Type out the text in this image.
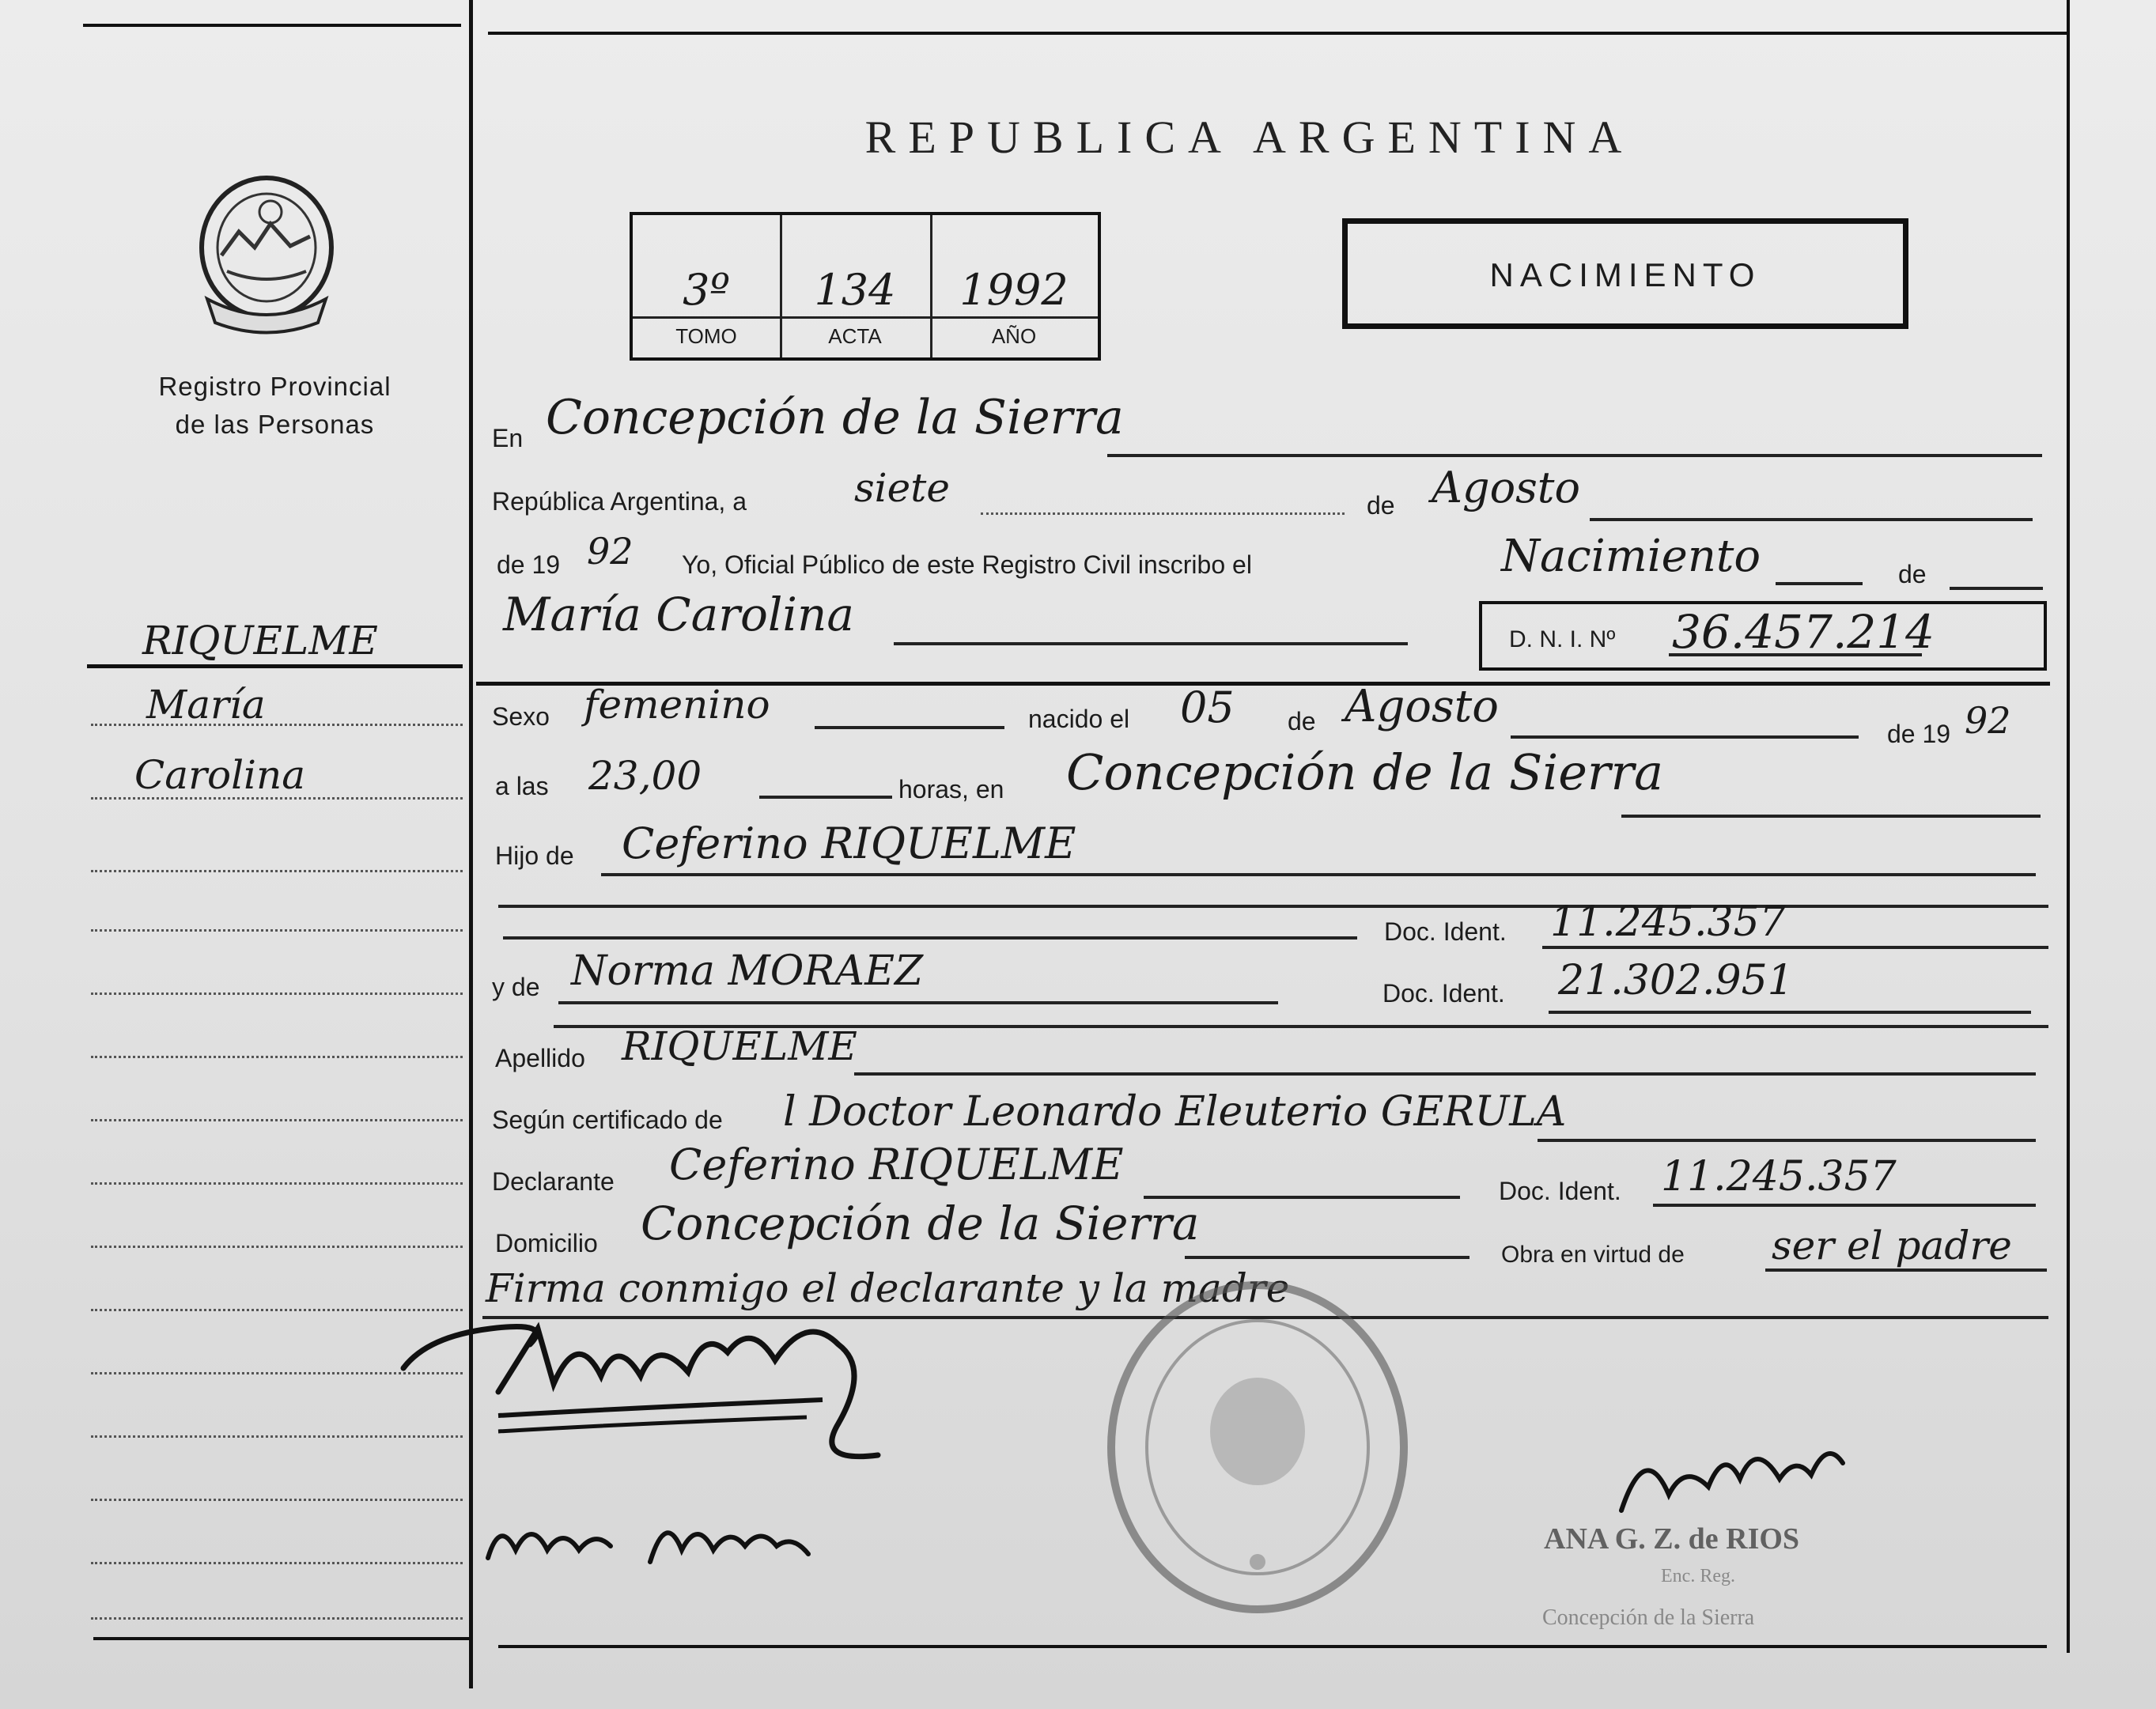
Registro Provincial
de las Personas
RIQUELME
María
Carolina
REPUBLICA ARGENTINA
3º	134	1992
TOMO	ACTA	AÑO
NACIMIENTO
En Concepción de la Sierra
República Argentina, a	siete	de Agosto
de 19 92 Yo, Oficial Público de este Registro Civil inscribo el	Nacimiento	de
María Carolina	D. N. I. Nº 36.457.214
Sexo femenino	nacido el 05 de Agosto
de 19 92
a las 23,00	horas, en Concepción de la Sierra
Hijo de Ceferino RIQUELME
Doc. Ident. 11.245.357
y de Norma MORAEZ	Doc. Ident. 21.302.951
Apellido RIQUELME
Según certificado de l Doctor Leonardo Eleuterio GERULA
Declarante Ceferino RIQUELME
Doc. Ident. 11.245.357
Domicilio Concepción de la Sierra
Obra en virtud de ser el padre
Firma conmigo el declarante y la madre
ANA G. Z. de RIOS
Enc. Reg.
Concepción de la Sierra
